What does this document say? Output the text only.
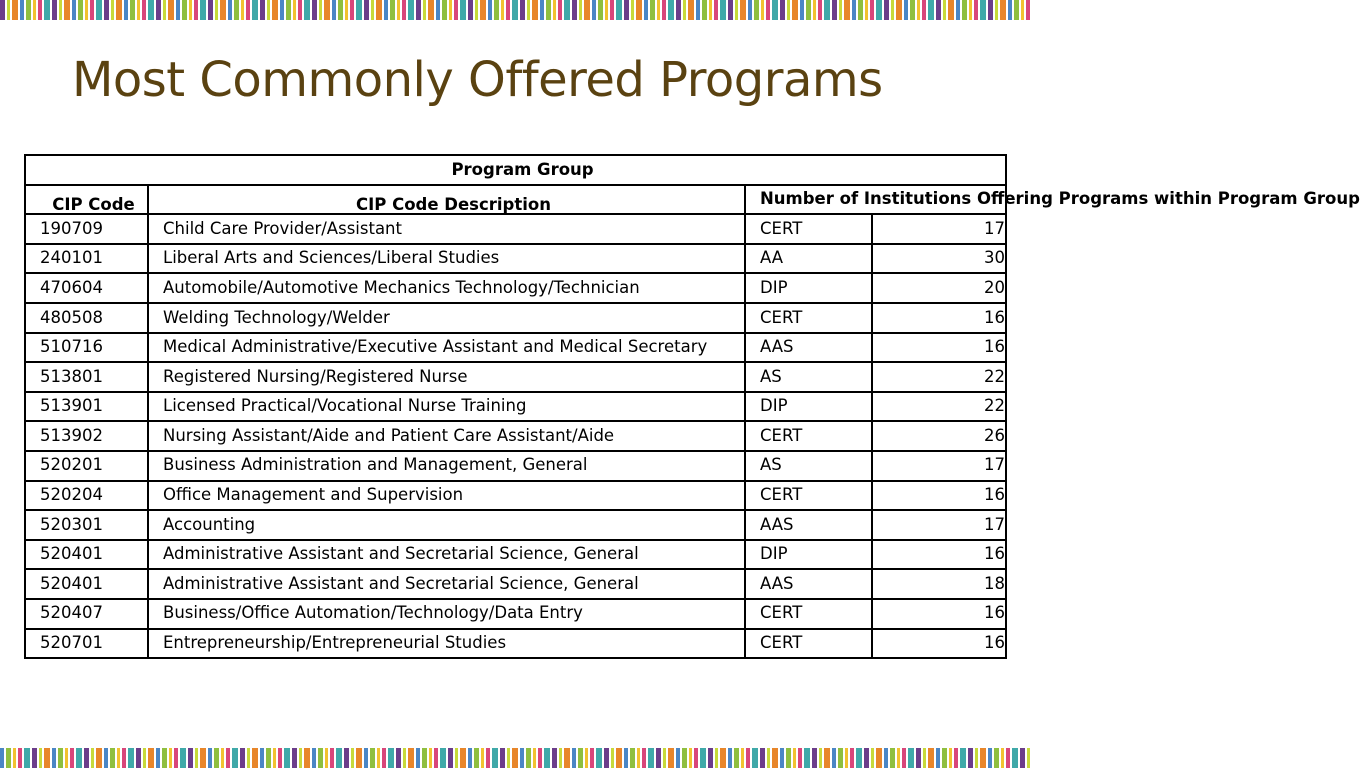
Most Commonly Offered Programs
Program Group			
CIP Code	CIP Code Description	Number of Institutions Offering Programs within Program Group	
190709	Child Care Provider/Assistant	CERT	17
240101	Liberal Arts and Sciences/Liberal Studies	AA	30
470604	Automobile/Automotive Mechanics Technology/Technician	DIP	20
480508	Welding Technology/Welder	CERT	16
510716	Medical Administrative/Executive Assistant and Medical Secretary	AAS	16
513801	Registered Nursing/Registered Nurse	AS	22
513901	Licensed Practical/Vocational Nurse Training	DIP	22
513902	Nursing Assistant/Aide and Patient Care Assistant/Aide	CERT	26
520201	Business Administration and Management, General	AS	17
520204	Office Management and Supervision	CERT	16
520301	Accounting	AAS	17
520401	Administrative Assistant and Secretarial Science, General	DIP	16
520401	Administrative Assistant and Secretarial Science, General	AAS	18
520407	Business/Office Automation/Technology/Data Entry	CERT	16
520701	Entrepreneurship/Entrepreneurial Studies	CERT	16
